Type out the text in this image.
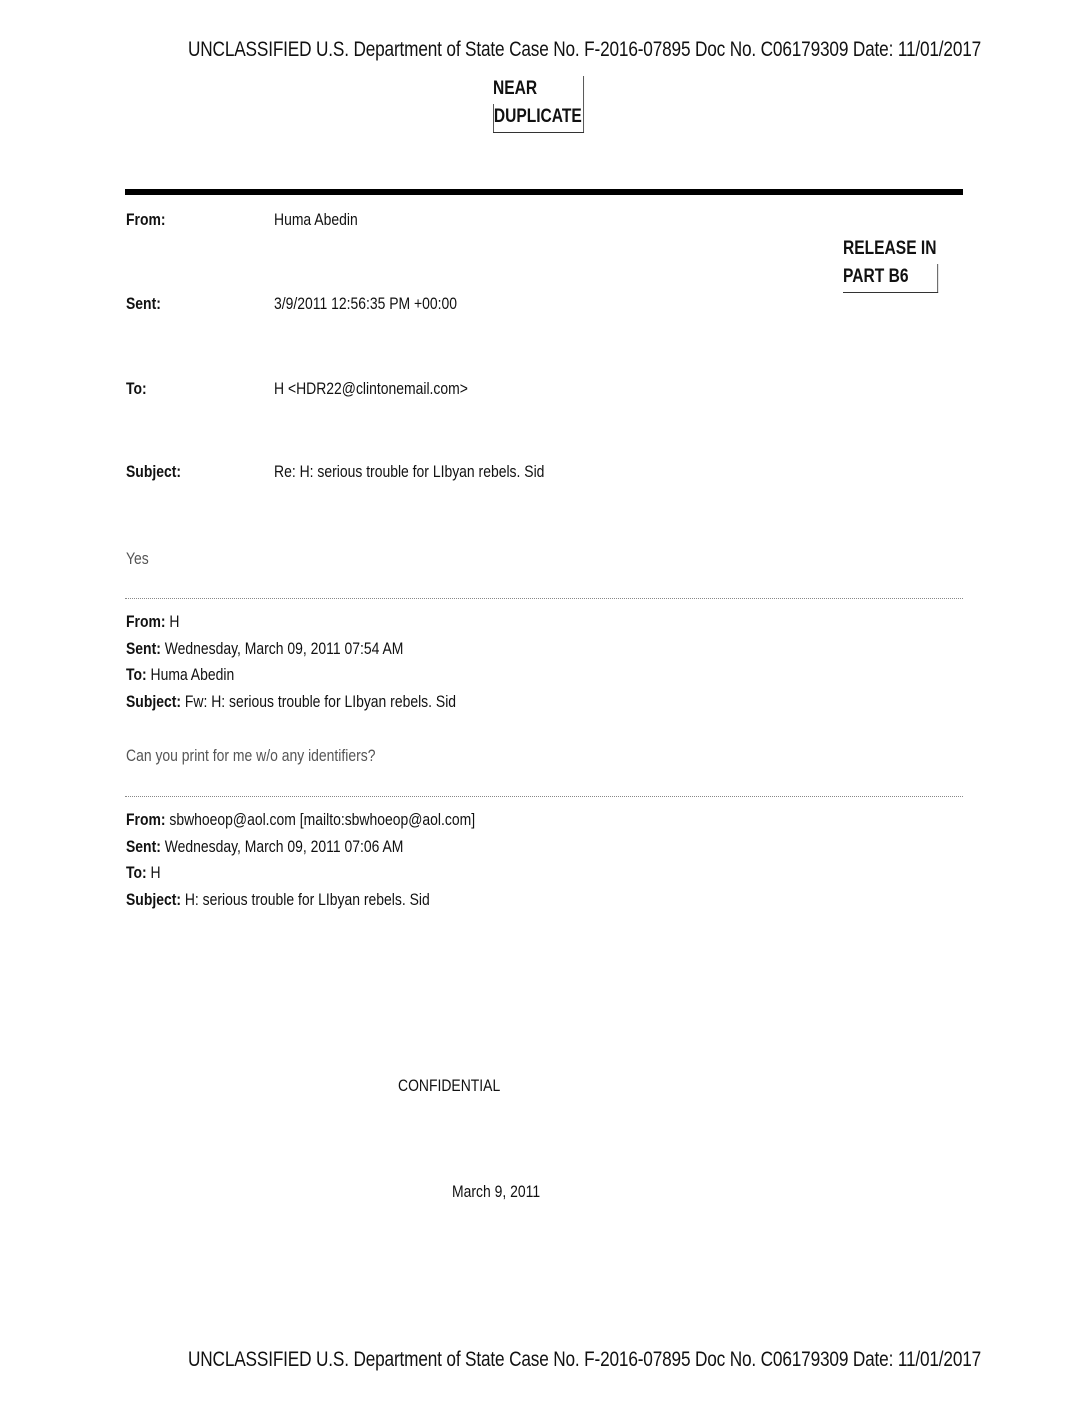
UNCLASSIFIED U.S. Department of State Case No. F-2016-07895 Doc No. C06179309 Date: 11/01/2017
NEAR
DUPLICATE
From:	Huma Abedin
RELEASE IN
PART B6
Sent:	3/9/2011 12:56:35 PM +00:00
To:	H <HDR22@clintonemail.com>
Subject:	Re: H: serious trouble for LIbyan rebels. Sid
Yes
From: H
Sent: Wednesday, March 09, 2011 07:54 AM
To: Huma Abedin
Subject: Fw: H: serious trouble for LIbyan rebels. Sid
Can you print for me w/o any identifiers?
From: sbwhoeop@aol.com [mailto:sbwhoeop@aol.com]
Sent: Wednesday, March 09, 2011 07:06 AM
To: H
Subject: H: serious trouble for LIbyan rebels. Sid
CONFIDENTIAL
March 9, 2011
UNCLASSIFIED U.S. Department of State Case No. F-2016-07895 Doc No. C06179309 Date: 11/01/2017
